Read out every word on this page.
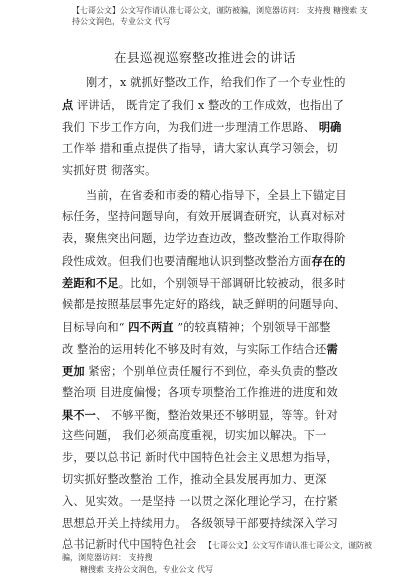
【七哥公文】公文写作请认准七哥公文，谨防被骗，浏览器访问： 支持搜 糖搜索 支持公文润色，专业公文 代写
在县巡视巡察整改推进会的讲话
刚才，x 就抓好整改工作，给我们作了一个专业性的
点 评讲话， 既肯定了我们 x 整改的工作成效，也指出了
我们 下步工作方向，为我们进一步理清工作思路、 明确
工作举 措和重点提供了指导，请大家认真学习领会，切
实抓好贯 彻落实。
当前，在省委和市委的精心指导下，全县上下锚定目
标任务，坚持问题导向，有效开展调查研究，认真对标对
表，聚焦突出问题，边学边查边改，整改整治工作取得阶
段性成效。但我们也要清醒地认识到整改整治方面存在的
差距和不足。比如，个别领导干部调研比较被动，很多时
候都是按照基层事先定好的路线，缺乏鲜明的问题导向、
目标导向和“ 四不两直 ”的较真精神；个别领导干部整
改 整治的运用转化不够及时有效，与实际工作结合还需
更加 紧密；个别单位责任履行不到位，牵头负责的整改
整治项 目进度偏慢；各项专项整治工作推进的进度和效
果不一、 不够平衡，整治效果还不够明显，等等。针对
这些问题， 我们必须高度重视，切实加以解决。下一
步，要以总书记 新时代中国特色社会主义思想为指导，
切实抓好整改整治 工作，推动全县发展再加力、更深
入、见实效。一是坚持 一以贯之深化理论学习，在拧紧
思想总开关上持续用力。 各级领导干部要持续深入学习
总书记新时代中国特色社会 【七哥公文】公文写作请认准七哥公文，谨防被
骗，浏览器访问： 支持搜
糖搜索 支持公文润色，专业公文 代写
